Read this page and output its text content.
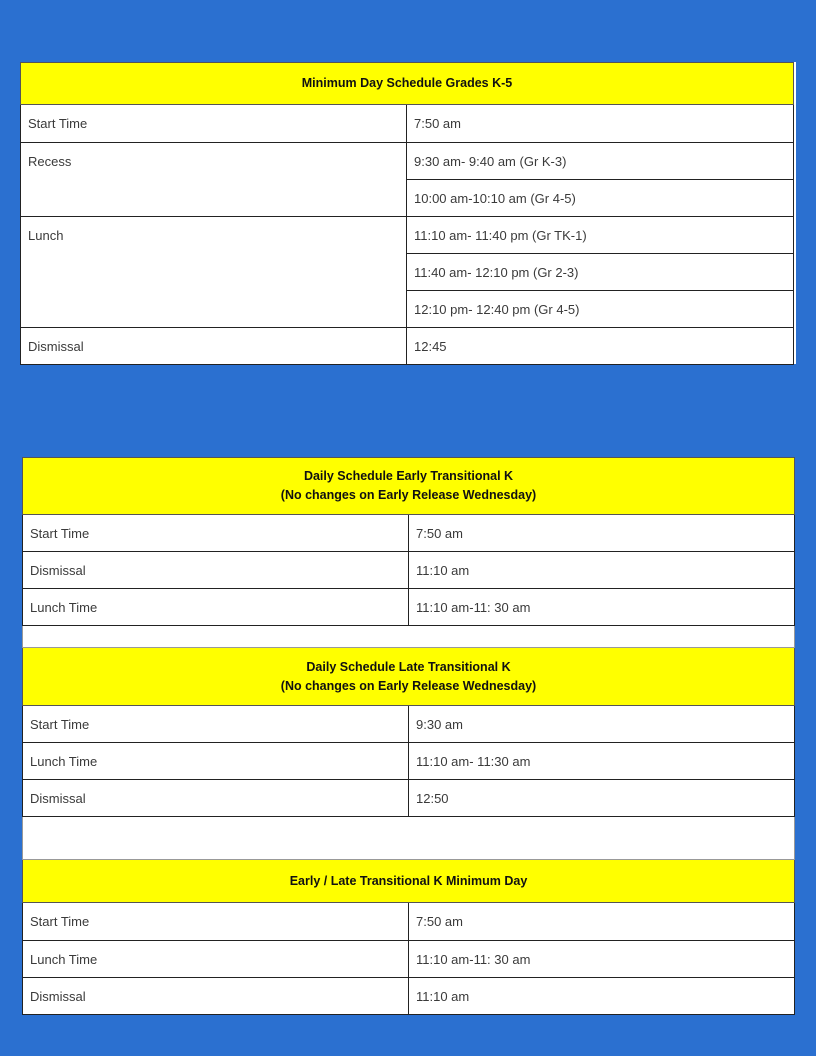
Minimum Day Schedule Grades K-5	
Start Time	7:50 am
Recess	9:30 am- 9:40 am (Gr K-3)
	10:00 am-10:10 am (Gr 4-5)
Lunch	11:10 am- 11:40 pm (Gr TK-1)
	11:40 am- 12:10 pm (Gr 2-3)
	12:10 pm- 12:40 pm (Gr 4-5)
Dismissal	12:45
Daily Schedule Early Transitional K
(No changes on Early Release Wednesday)	

Start Time	7:50 am
Dismissal	11:10 am
Lunch Time	11:10 am-11: 30 am

Daily Schedule Late Transitional K
(No changes on Early Release Wednesday)	

Start Time	9:30 am
Lunch Time	11:10 am- 11:30 am
Dismissal	12:50

Early / Late Transitional K Minimum Day	
Start Time	7:50 am
Lunch Time	11:10 am-11: 30 am
Dismissal	11:10 am
